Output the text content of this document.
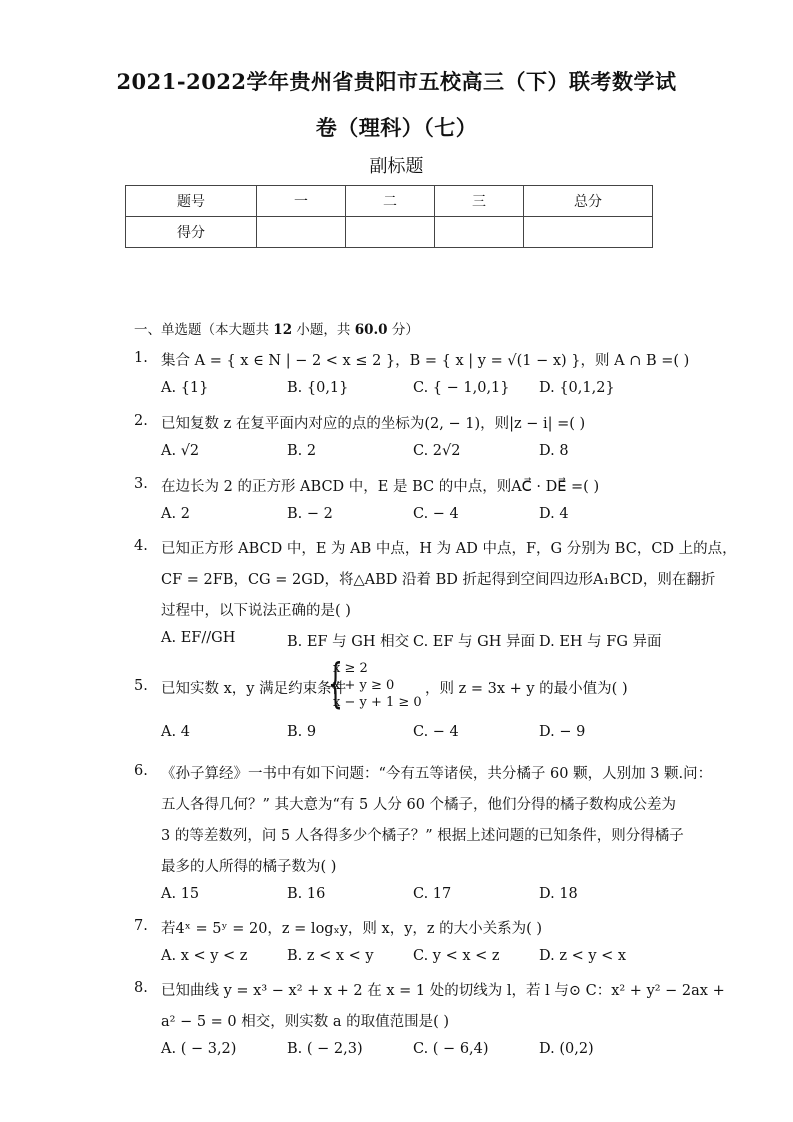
2021-2022学年贵州省贵阳市五校高三（下）联考数学试
卷（理科）（七）
副标题
题号	一	二	三	总分
得分				
一、单选题（本大题共 12 小题，共 60.0 分）
1. 集合 A = { x ∈ N | − 2 < x ≤ 2 }，B = { x | y = √(1 − x) }，则 A ∩ B =( )
A. {1}	B. {0,1}	C. { − 1,0,1} D. {0,1,2}
2. 已知复数 z 在复平面内对应的点的坐标为(2, − 1)，则|z − i| =( )
A. √2	B. 2	C. 2√2	D. 8
3. 在边长为 2 的正方形 ABCD 中，E 是 BC 的中点，则AC⃗ · DE⃗ =( )
A. 2	B. − 2	C. − 4	D. 4
4. 已知正方形 ABCD 中，E 为 AB 中点，H 为 AD 中点，F，G 分别为 BC，CD 上的点，
CF = 2FB，CG = 2GD，将△ABD 沿着 BD 折起得到空间四边形A₁BCD，则在翻折
过程中，以下说法正确的是( )
A. EF//GH	B. EF 与 GH 相交 C. EF 与 GH 异面 D. EH 与 FG 异面
5. 已知实数 x，y 满足约束条件
{
x ≥ 2
x + y ≥ 0
x − y + 1 ≥ 0
，则 z = 3x + y 的最小值为( )
A. 4	B. 9	C. − 4	D. − 9
6. 《孙子算经》一书中有如下问题：“今有五等诸侯，共分橘子 60 颗，人别加 3 颗.问：
五人各得几何？” 其大意为“有 5 人分 60 个橘子，他们分得的橘子数构成公差为
3 的等差数列，问 5 人各得多少个橘子？” 根据上述问题的已知条件，则分得橘子
最多的人所得的橘子数为( )
A. 15	B. 16	C. 17	D. 18
7. 若4ˣ = 5ʸ = 20，z = logₓy，则 x，y，z 的大小关系为( )
A. x < y < z	B. z < x < y	C. y < x < z	D. z < y < x
8. 已知曲线 y = x³ − x² + x + 2 在 x = 1 处的切线为 l，若 l 与⊙ C：x² + y² − 2ax +
a² − 5 = 0 相交，则实数 a 的取值范围是( )
A. ( − 3,2)	B. ( − 2,3)	C. ( − 6,4)	D. (0,2)
